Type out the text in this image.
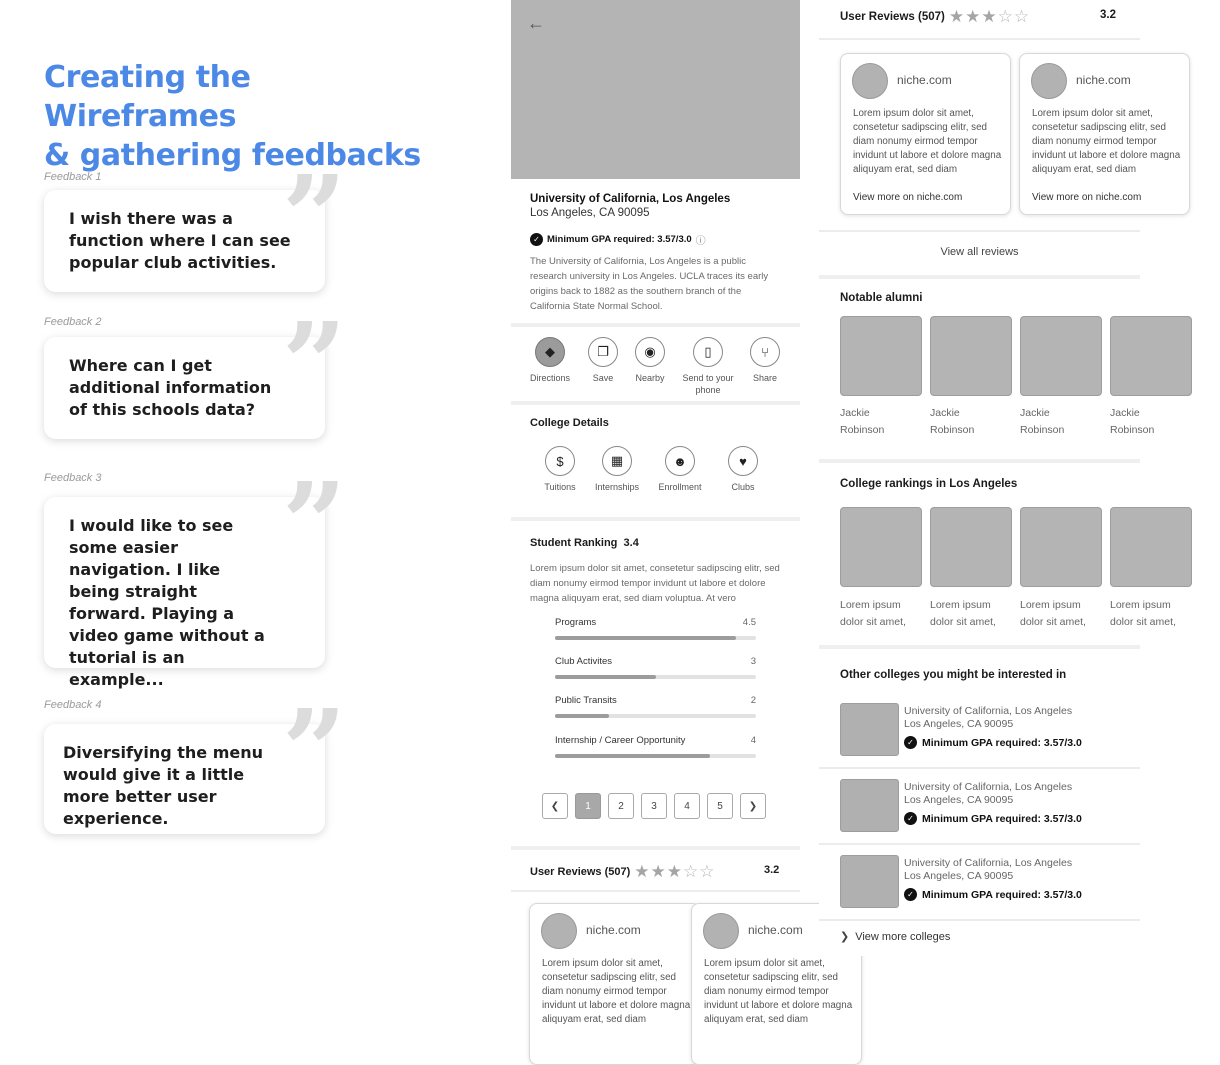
Creating the Wireframes
& gathering feedbacks
Feedback 1
I wish there was a function where I can see popular club activities. ”
Feedback 2
Where can I get additional information of this schools data? ”
Feedback 3
I would like to see some easier navigation. I like being straight forward. Playing a video game without a tutorial is an example...
”
Feedback 4
Diversifying the menu would give it a little more better user experience.
”
←
University of California, Los Angeles
Los Angeles, CA 90095
✓ Minimum GPA required: 3.57/3.0 ⓘ
The University of California, Los Angeles is a public research university in Los Angeles. UCLA traces its early origins back to 1882 as the southern branch of the California State Normal School.
◆
Directions
❐
Save
◉
Nearby
▯
Send to your phone
⑂
Share
College Details
$
Tuitions
▦
Internships
☻
Enrollment
♥
Clubs
Student Ranking 3.4
Lorem ipsum dolor sit amet, consetetur sadipscing elitr, sed diam nonumy eirmod tempor invidunt ut labore et dolore magna aliquyam erat, sed diam voluptua. At vero
Programs	4.5
Club Activites	3
Public Transits	2
Internship / Career Opportunity	4
❮	1	2	3	4	5	❯
User Reviews (507) ★ ★ ★ ☆ ☆	3.2
niche.com
Lorem ipsum dolor sit amet, consetetur sadipscing elitr, sed diam nonumy eirmod tempor invidunt ut labore et dolore magna aliquyam erat, sed diam
niche.com
Lorem ipsum dolor sit amet, consetetur sadipscing elitr, sed diam nonumy eirmod tempor invidunt ut labore et dolore magna aliquyam erat, sed diam
User Reviews (507) ★ ★ ★ ☆ ☆	3.2
niche.com
Lorem ipsum dolor sit amet, consetetur sadipscing elitr, sed diam nonumy eirmod tempor invidunt ut labore et dolore magna aliquyam erat, sed diam
View more on niche.com
niche.com
Lorem ipsum dolor sit amet, consetetur sadipscing elitr, sed diam nonumy eirmod tempor invidunt ut labore et dolore magna aliquyam erat, sed diam
View more on niche.com
View all reviews
Notable alumni
Jackie Robinson
Jackie Robinson
Jackie Robinson
Jackie Robinson
College rankings in Los Angeles
Lorem ipsum dolor sit amet,
Lorem ipsum dolor sit amet,
Lorem ipsum dolor sit amet,
Lorem ipsum dolor sit amet,
Other colleges you might be interested in
University of California, Los Angeles
Los Angeles, CA 90095
✓ Minimum GPA required: 3.57/3.0
University of California, Los Angeles
Los Angeles, CA 90095
✓ Minimum GPA required: 3.57/3.0
University of California, Los Angeles
Los Angeles, CA 90095
✓ Minimum GPA required: 3.57/3.0
❯ View more colleges
